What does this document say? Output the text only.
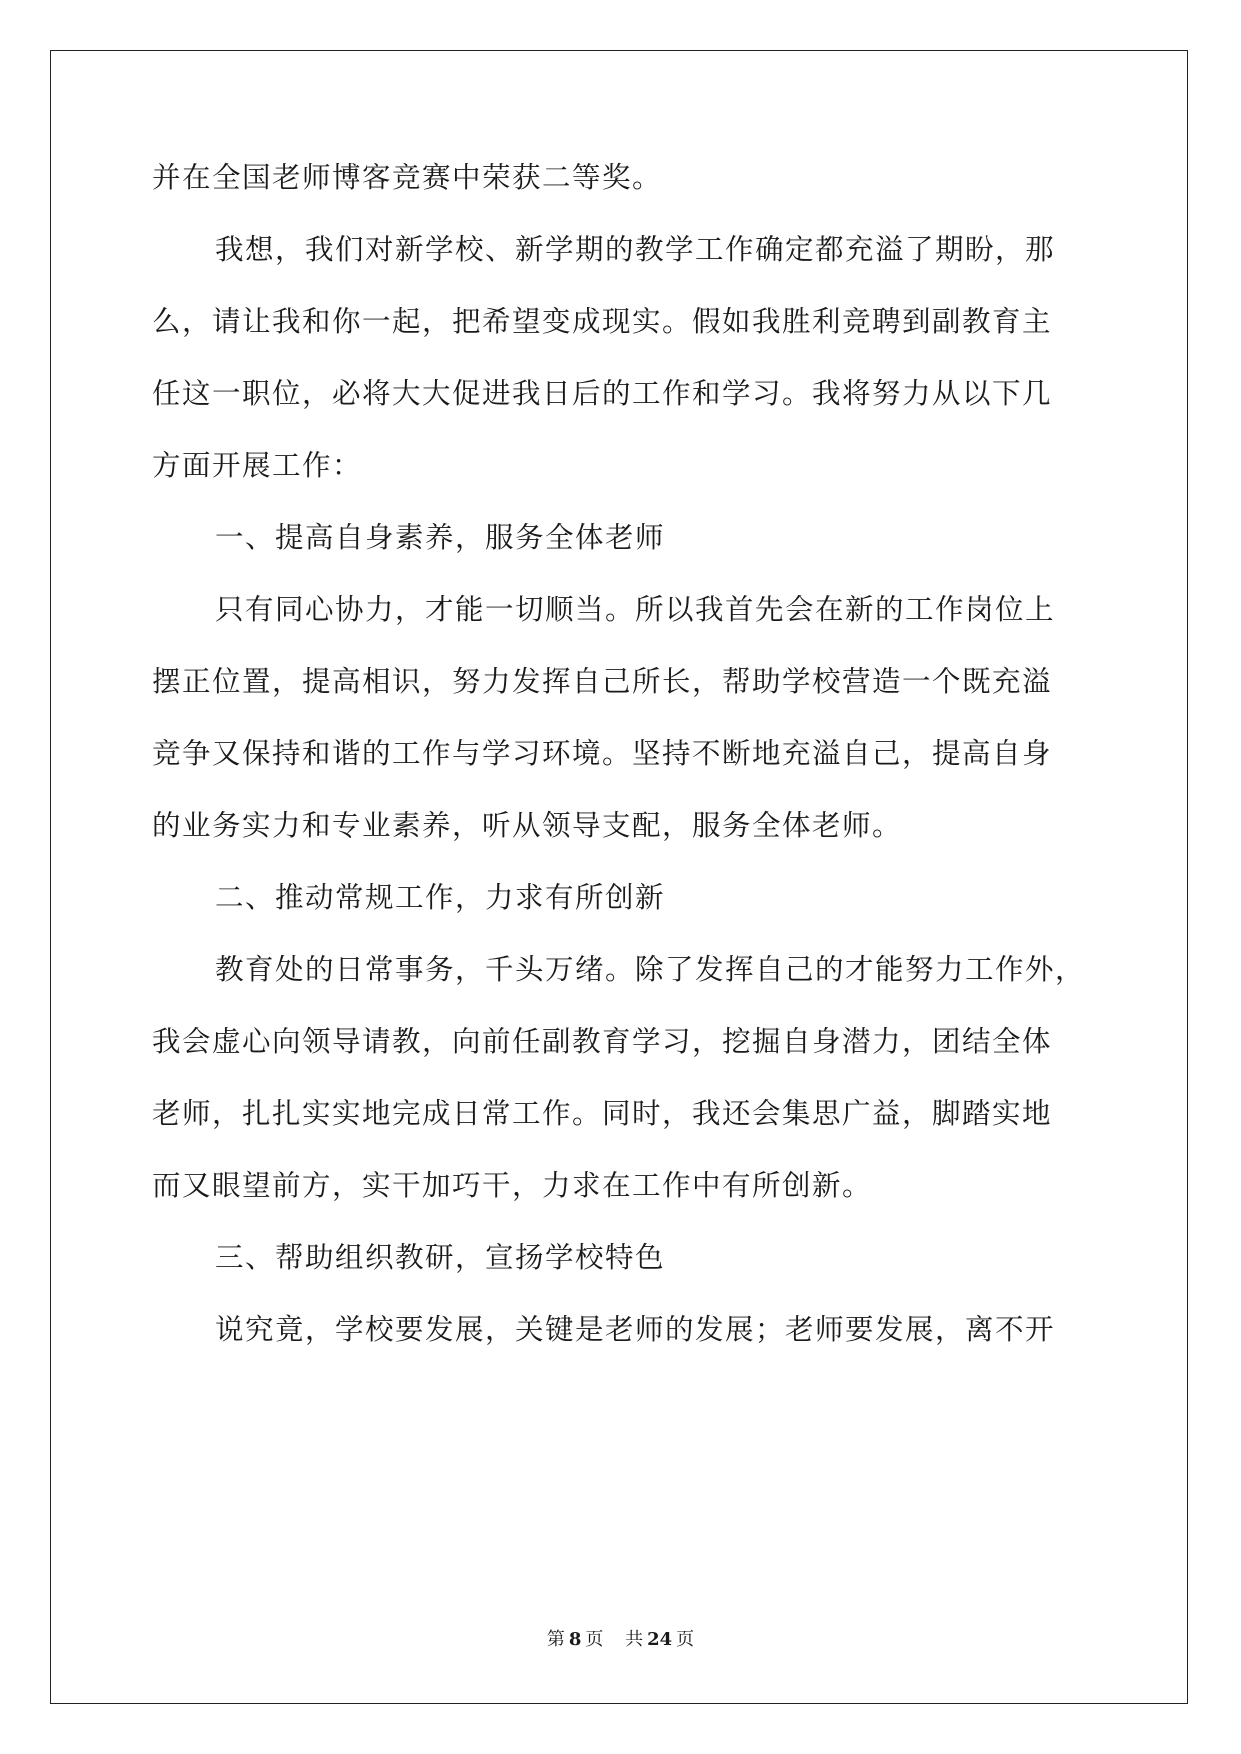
并在全国老师博客竞赛中荣获二等奖。
我想，我们对新学校、新学期的教学工作确定都充溢了期盼，那
么，请让我和你一起，把希望变成现实。假如我胜利竞聘到副教育主
任这一职位，必将大大促进我日后的工作和学习。我将努力从以下几
方面开展工作：
一、提高自身素养，服务全体老师
只有同心协力，才能一切顺当。所以我首先会在新的工作岗位上
摆正位置，提高相识，努力发挥自己所长，帮助学校营造一个既充溢
竞争又保持和谐的工作与学习环境。坚持不断地充溢自己，提高自身
的业务实力和专业素养，听从领导支配，服务全体老师。
二、推动常规工作，力求有所创新
教育处的日常事务，千头万绪。除了发挥自己的才能努力工作外，
我会虚心向领导请教，向前任副教育学习，挖掘自身潜力，团结全体
老师，扎扎实实地完成日常工作。同时，我还会集思广益，脚踏实地
而又眼望前方，实干加巧干，力求在工作中有所创新。
三、帮助组织教研，宣扬学校特色
说究竟，学校要发展，关键是老师的发展；老师要发展，离不开
第 8 页 共 24 页
